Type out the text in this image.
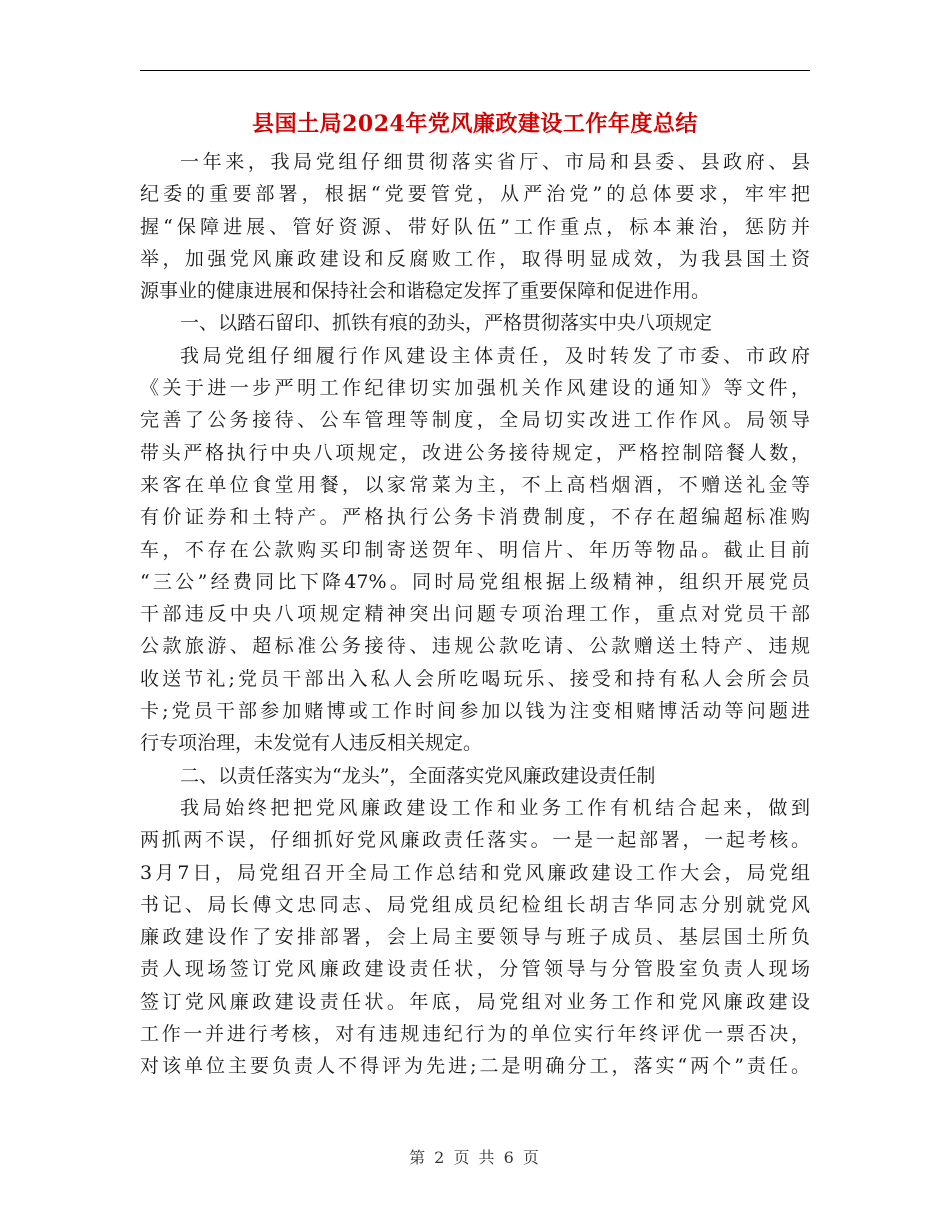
县国土局2024年党风廉政建设工作年度总结
一年来，我局党组仔细贯彻落实省厅、市局和县委、县政府、县
纪委的重要部署，根据“党要管党，从严治党”的总体要求，牢牢把
握“保障进展、管好资源、带好队伍”工作重点，标本兼治，惩防并
举，加强党风廉政建设和反腐败工作，取得明显成效，为我县国土资
源事业的健康进展和保持社会和谐稳定发挥了重要保障和促进作用。
一、以踏石留印、抓铁有痕的劲头，严格贯彻落实中央八项规定
我局党组仔细履行作风建设主体责任，及时转发了市委、市政府
《关于进一步严明工作纪律切实加强机关作风建设的通知》等文件，
完善了公务接待、公车管理等制度，全局切实改进工作作风。局领导
带头严格执行中央八项规定，改进公务接待规定，严格控制陪餐人数，
来客在单位食堂用餐，以家常菜为主，不上高档烟酒，不赠送礼金等
有价证券和土特产。严格执行公务卡消费制度，不存在超编超标准购
车，不存在公款购买印制寄送贺年、明信片、年历等物品。截止目前
“三公”经费同比下降47%。同时局党组根据上级精神，组织开展党员
干部违反中央八项规定精神突出问题专项治理工作，重点对党员干部
公款旅游、超标准公务接待、违规公款吃请、公款赠送土特产、违规
收送节礼;党员干部出入私人会所吃喝玩乐、接受和持有私人会所会员
卡;党员干部参加赌博或工作时间参加以钱为注变相赌博活动等问题进
行专项治理，未发觉有人违反相关规定。
二、以责任落实为“龙头”，全面落实党风廉政建设责任制
我局始终把把党风廉政建设工作和业务工作有机结合起来，做到
两抓两不误，仔细抓好党风廉政责任落实。一是一起部署，一起考核。
3月7日，局党组召开全局工作总结和党风廉政建设工作大会，局党组
书记、局长傅文忠同志、局党组成员纪检组长胡吉华同志分别就党风
廉政建设作了安排部署，会上局主要领导与班子成员、基层国土所负
责人现场签订党风廉政建设责任状，分管领导与分管股室负责人现场
签订党风廉政建设责任状。年底，局党组对业务工作和党风廉政建设
工作一并进行考核，对有违规违纪行为的单位实行年终评优一票否决，
对该单位主要负责人不得评为先进;二是明确分工，落实“两个”责任。
第 2 页 共 6 页
